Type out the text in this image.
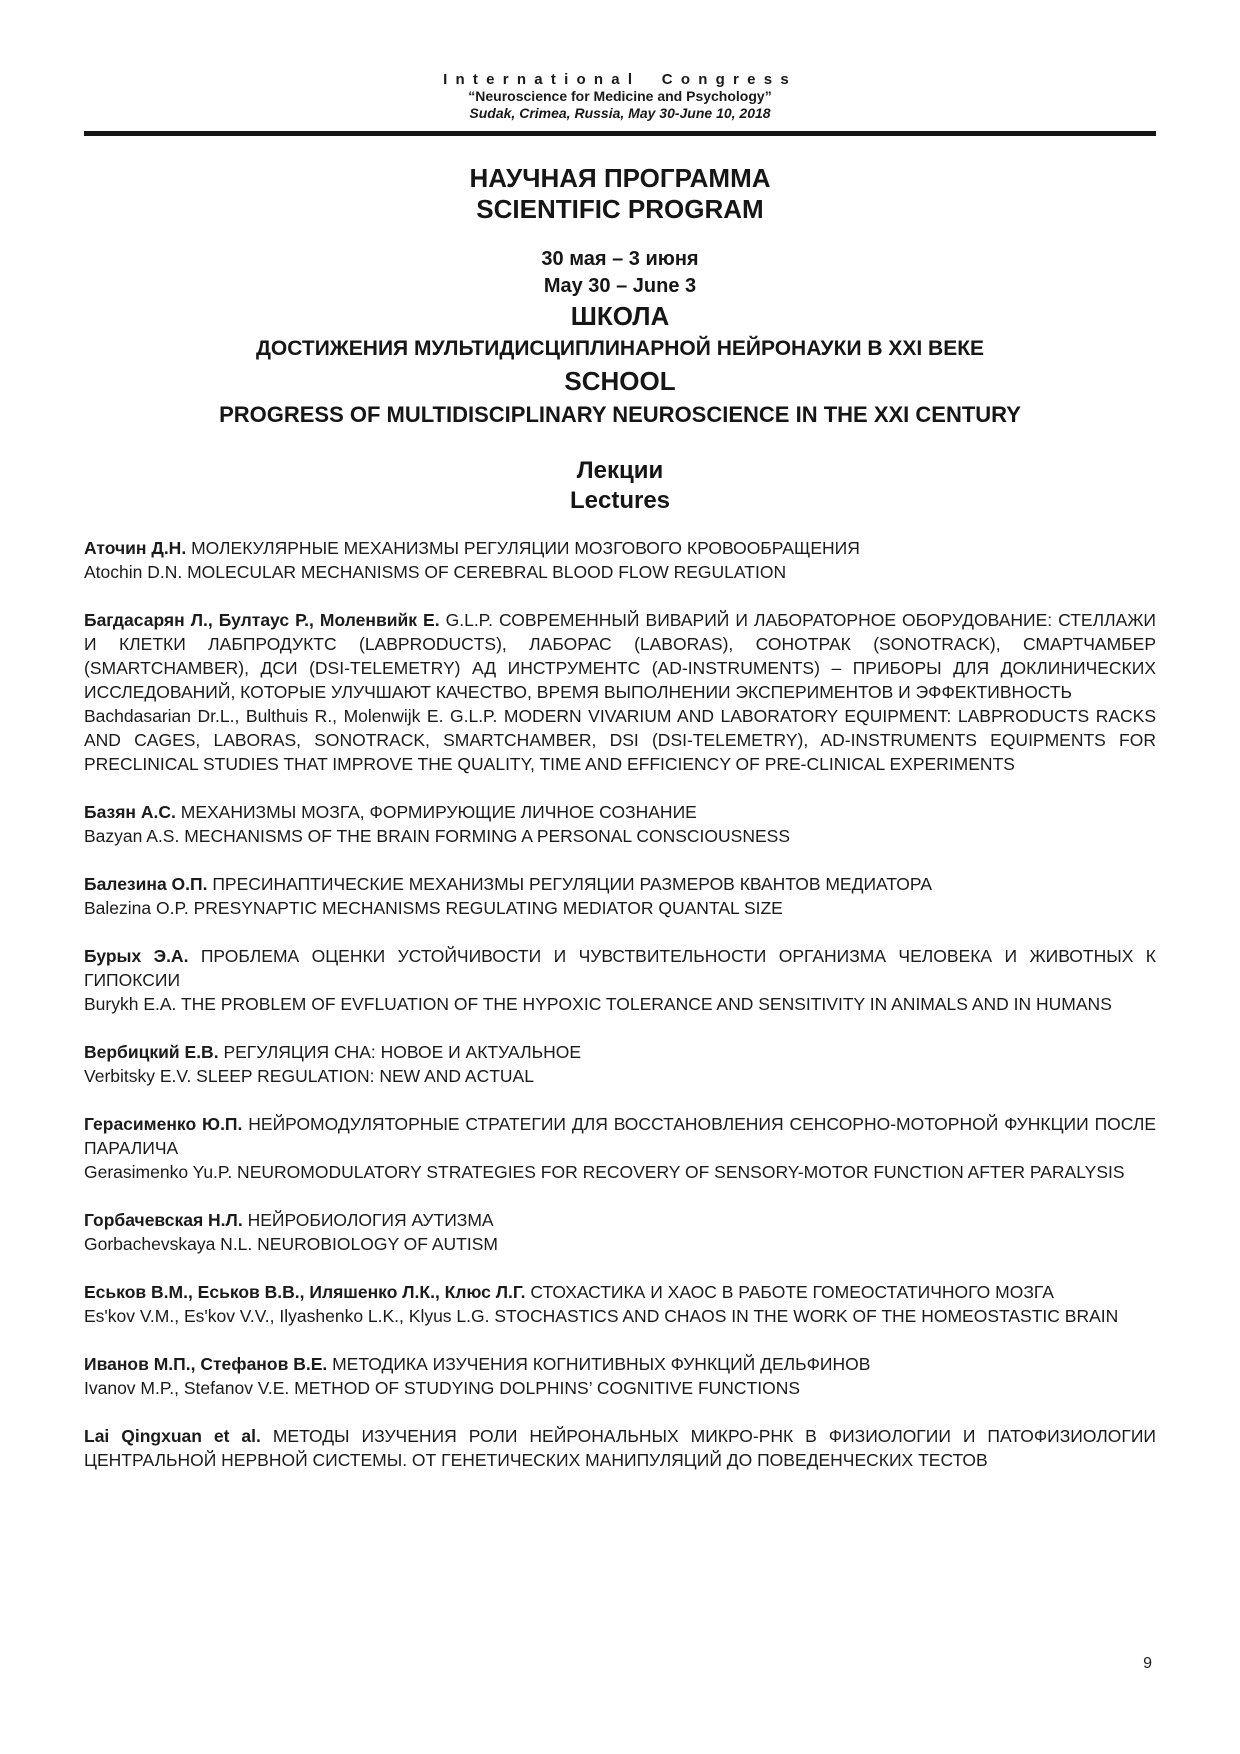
International Congress
“Neuroscience for Medicine and Psychology”
Sudak, Crimea, Russia, May 30-June 10, 2018
НАУЧНАЯ ПРОГРАММА
SCIENTIFIC PROGRAM
30 мая – 3 июня
May 30 – June 3
ШКОЛА
ДОСТИЖЕНИЯ МУЛЬТИДИСЦИПЛИНАРНОЙ НЕЙРОНАУКИ В XXI ВЕКЕ
SCHOOL
PROGRESS OF MULTIDISCIPLINARY NEUROSCIENCE IN THE XXI CENTURY
Лекции
Lectures

Аточин Д.Н. МОЛЕКУЛЯРНЫЕ МЕХАНИЗМЫ РЕГУЛЯЦИИ МОЗГОВОГО КРОВООБРАЩЕНИЯ
Atochin D.N. MOLECULAR MECHANISMS OF CEREBRAL BLOOD FLOW REGULATION

Багдасарян Л., Бултаус Р., Моленвийк Е. G.L.P. СОВРЕМЕННЫЙ ВИВАРИЙ И ЛАБОРАТОРНОЕ ОБОРУДОВАНИЕ: СТЕЛЛАЖИ И КЛЕТКИ ЛАБПРОДУКТС (LABPRODUCTS), ЛАБОРАС (LABORAS), СОНОТРАК (SONOTRACK), СМАРТЧАМБЕР (SMARTCHAMBER), ДСИ (DSI-TELEMETRY) АД ИНСТРУМЕНТС (AD-INSTRUMENTS) – ПРИБОРЫ ДЛЯ ДОКЛИНИЧЕСКИХ ИССЛЕДОВАНИЙ, КОТОРЫЕ УЛУЧШАЮТ КАЧЕСТВО, ВРЕМЯ ВЫПОЛНЕНИИ ЭКСПЕРИМЕНТОВ И ЭФФЕКТИВНОСТЬ
Bachdasarian Dr.L., Bulthuis R., Molenwijk E. G.L.P. MODERN VIVARIUM AND LABORATORY EQUIPMENT: LABPRODUCTS RACKS AND CAGES, LABORAS, SONOTRACK, SMARTCHAMBER, DSI (DSI-TELEMETRY), AD-INSTRUMENTS EQUIPMENTS FOR PRECLINICAL STUDIES THAT IMPROVE THE QUALITY, TIME AND EFFICIENCY OF PRE-CLINICAL EXPERIMENTS

Базян А.С. МЕХАНИЗМЫ МОЗГА, ФОРМИРУЮЩИЕ ЛИЧНОЕ СОЗНАНИЕ
Bazyan A.S. MECHANISMS OF THE BRAIN FORMING A PERSONAL CONSCIOUSNESS

Балезина О.П. ПРЕСИНАПТИЧЕСКИЕ МЕХАНИЗМЫ РЕГУЛЯЦИИ РАЗМЕРОВ КВАНТОВ МЕДИАТОРА
Balezina O.P. PRESYNAPTIC MECHANISMS REGULATING MEDIATOR QUANTAL SIZE

Бурых Э.А. ПРОБЛЕМА ОЦЕНКИ УСТОЙЧИВОСТИ И ЧУВСТВИТЕЛЬНОСТИ ОРГАНИЗМА ЧЕЛОВЕКА И ЖИВОТНЫХ К ГИПОКСИИ
Burykh E.A. THE PROBLEM OF EVFLUATION OF THE HYPOXIC TOLERANCE AND SENSITIVITY IN ANIMALS AND IN HUMANS

Вербицкий Е.В. РЕГУЛЯЦИЯ СНА: НОВОЕ И АКТУАЛЬНОЕ
Verbitsky E.V. SLEEP REGULATION: NEW AND ACTUAL

Герасименко Ю.П. НЕЙРОМОДУЛЯТОРНЫЕ СТРАТЕГИИ ДЛЯ ВОССТАНОВЛЕНИЯ СЕНСОРНО-МОТОРНОЙ ФУНКЦИИ ПОСЛЕ ПАРАЛИЧА
Gerasimenko Yu.P. NEUROMODULATORY STRATEGIES FOR RECOVERY OF SENSORY-MOTOR FUNCTION AFTER PARALYSIS

Горбачевская Н.Л. НЕЙРОБИОЛОГИЯ АУТИЗМА
Gorbachevskaya N.L. NEUROBIOLOGY OF AUTISM

Еськов В.М., Еськов В.В., Иляшенко Л.К., Клюс Л.Г. СТОХАСТИКА И ХАОС В РАБОТЕ ГОМЕОСТАТИЧНОГО МОЗГА
Es'kov V.M., Es'kov V.V., Ilyashenko L.K., Klyus L.G. STOCHASTICS AND CHAOS IN THE WORK OF THE HOMEOSTASTIC BRAIN

Иванов М.П., Стефанов В.Е. МЕТОДИКА ИЗУЧЕНИЯ КОГНИТИВНЫХ ФУНКЦИЙ ДЕЛЬФИНОВ
Ivanov M.P., Stefanov V.E. METHOD OF STUDYING DOLPHINS’ COGNITIVE FUNCTIONS

Lai Qingxuan et al. МЕТОДЫ ИЗУЧЕНИЯ РОЛИ НЕЙРОНАЛЬНЫХ МИКРО-РНК В ФИЗИОЛОГИИ И ПАТОФИЗИОЛОГИИ ЦЕНТРАЛЬНОЙ НЕРВНОЙ СИСТЕМЫ. ОТ ГЕНЕТИЧЕСКИХ МАНИПУЛЯЦИЙ ДО ПОВЕДЕНЧЕСКИХ ТЕСТОВ

9
